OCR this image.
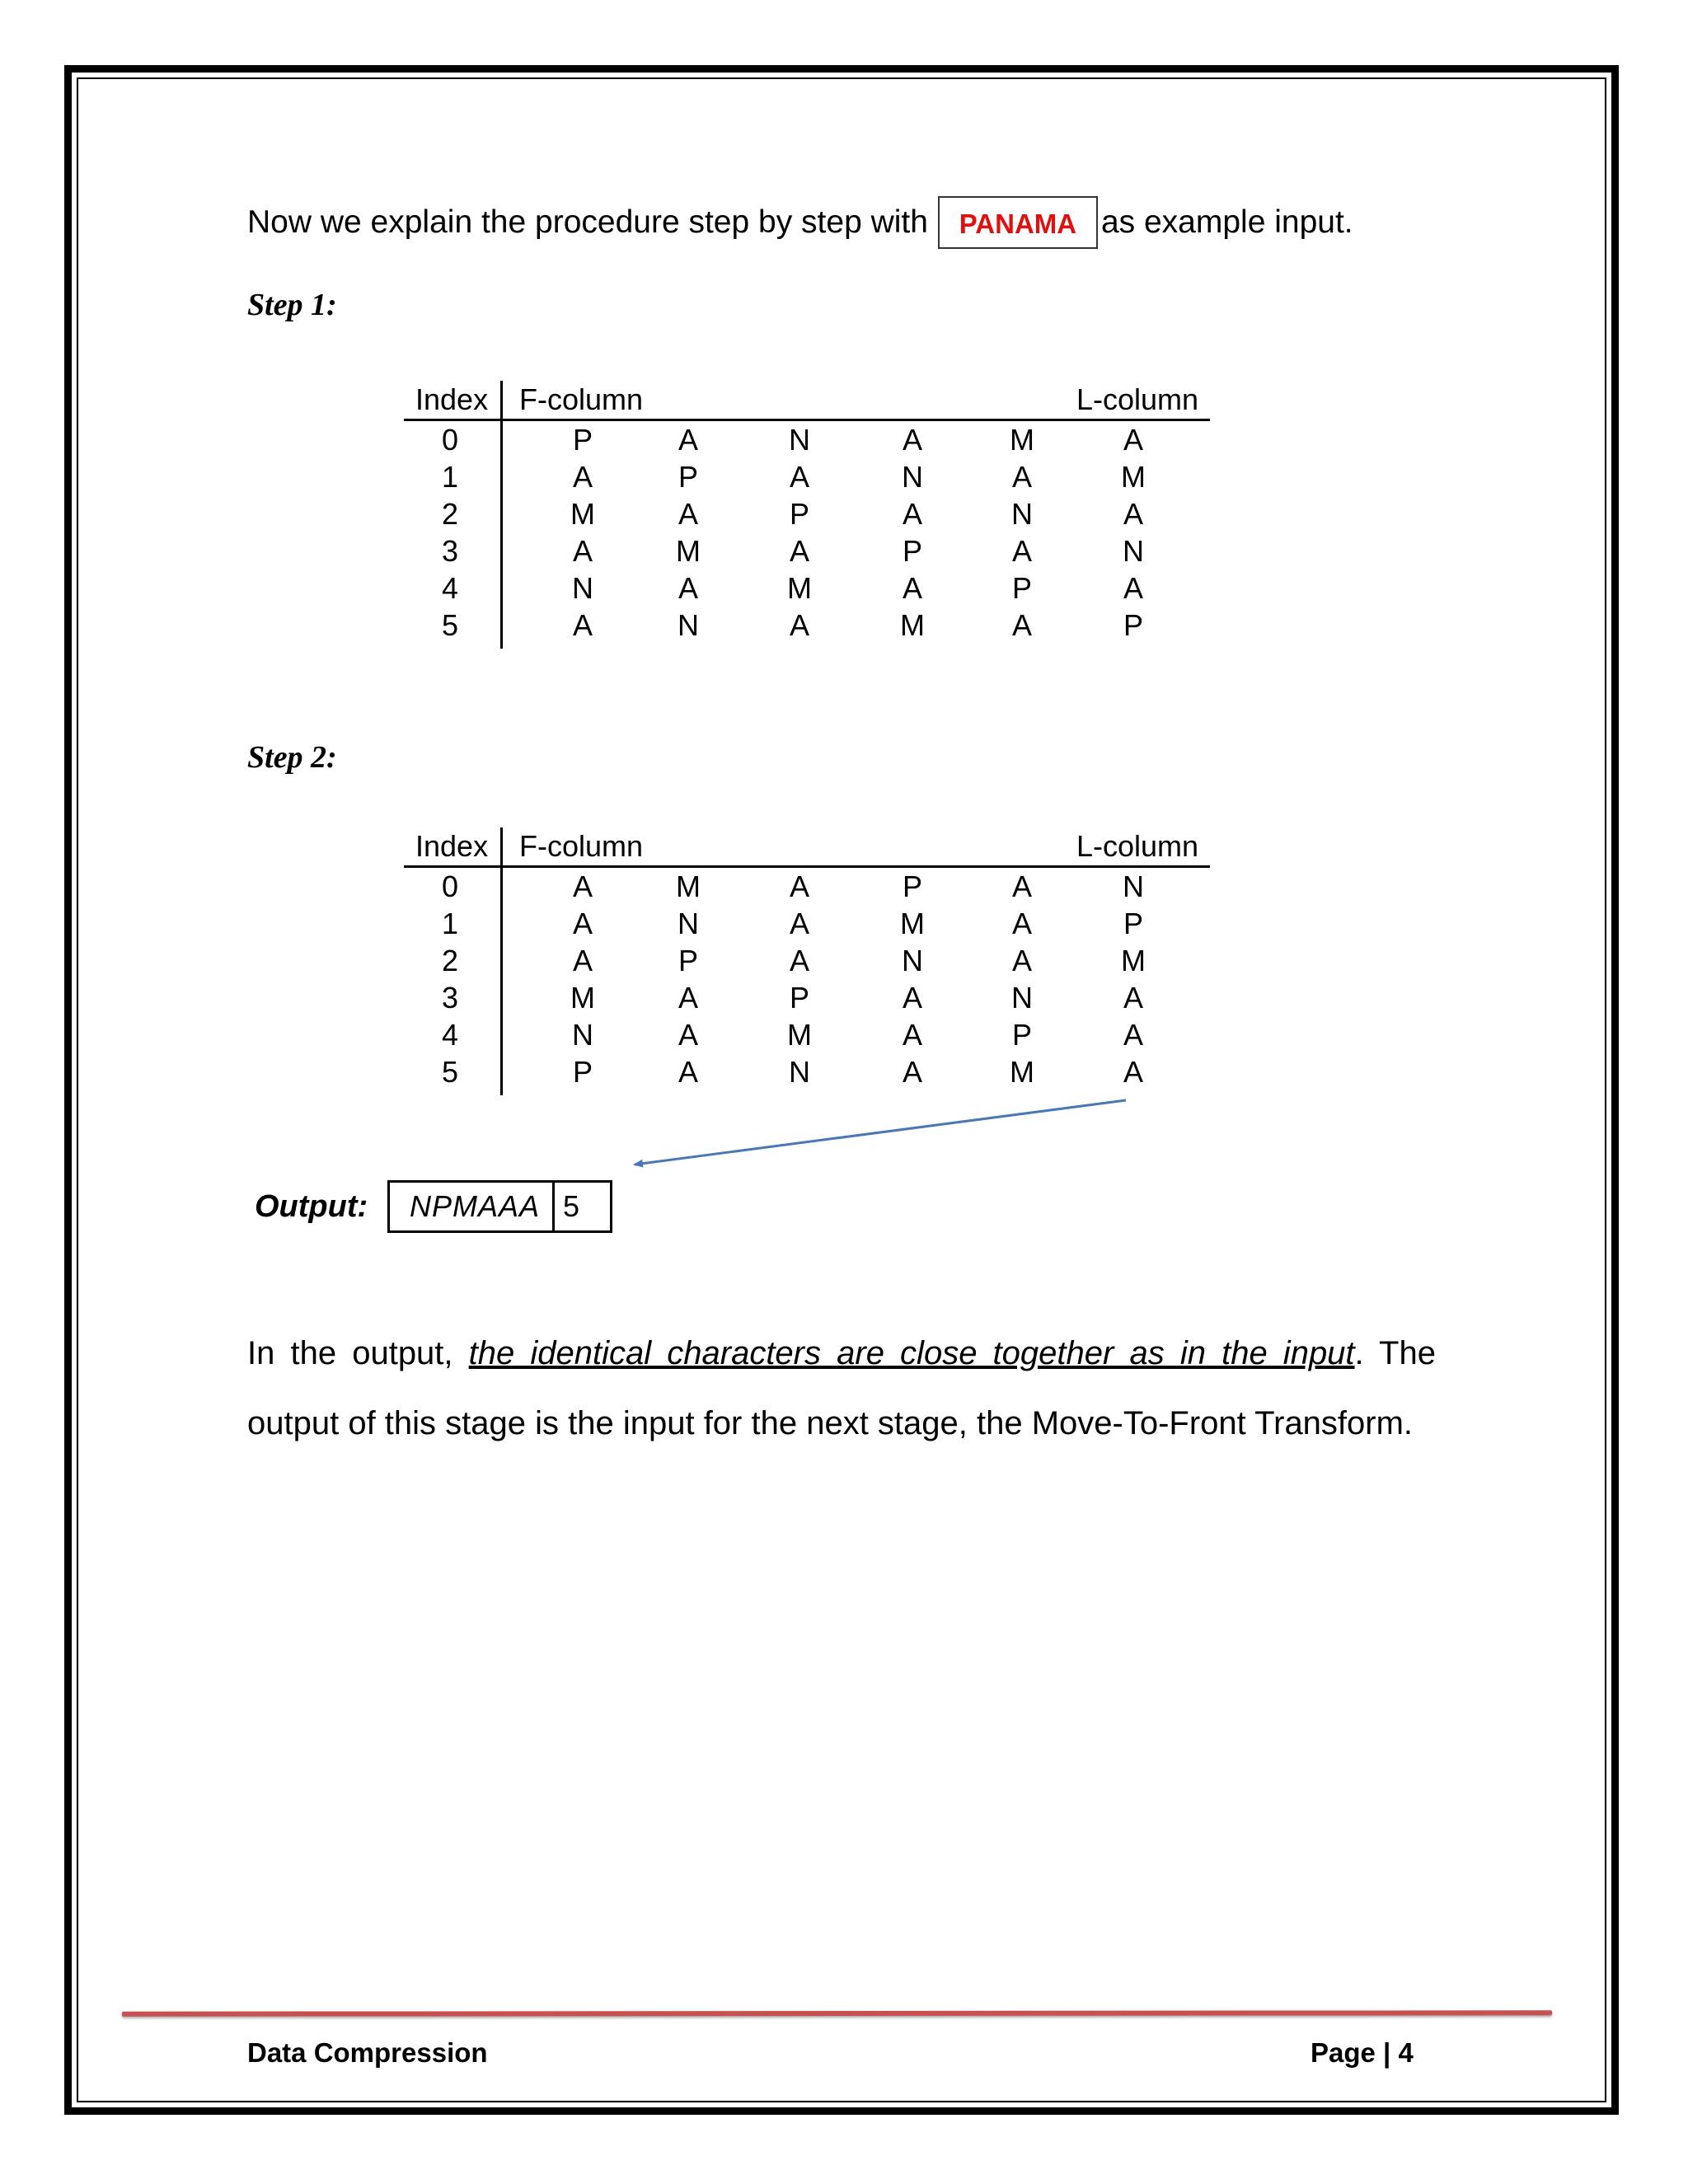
Now we explain the procedure step by step with	PANAMA as example input.
Step 1:
Index F-column	L-column
0	P	A	N	A	M	A
1	A	P	A	N	A	M
2	M	A	P	A	N	A
3	A	M	A	P	A	N
4	N	A	M	A	P	A
5	A	N	A	M	A	P
Step 2:
Index F-column	L-column
0	A	M	A	P	A	N
1	A	N	A	M	A	P
2	A	P	A	N	A	M
3	M	A	P	A	N	A
4	N	A	M	A	P	A
5	P	A	N	A	M	A
Output:	NPMAAA 5

In the output, the identical characters are close together as in the input. The output of this stage is the input for the next stage, the Move-To-Front Transform.

Data Compression	Page | 4
